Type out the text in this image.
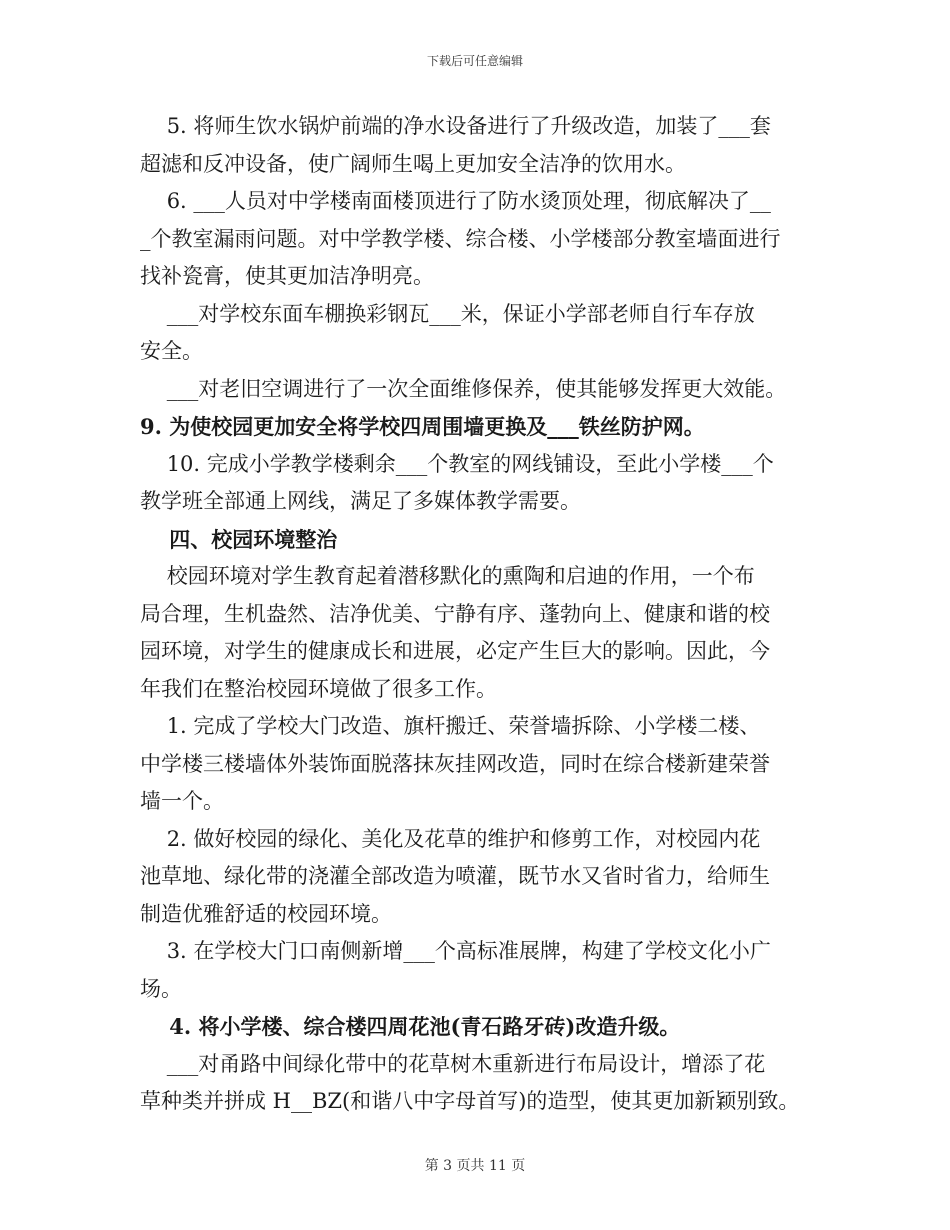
下载后可任意编辑

5. 将师生饮水锅炉前端的净水设备进行了升级改造，加装了___套

超滤和反冲设备，使广阔师生喝上更加安全洁净的饮用水。

6. ___人员对中学楼南面楼顶进行了防水烫顶处理，彻底解决了__

_个教室漏雨问题。对中学教学楼、综合楼、小学楼部分教室墙面进行

找补瓷膏，使其更加洁净明亮。

___对学校东面车棚换彩钢瓦___米，保证小学部老师自行车存放

安全。

___对老旧空调进行了一次全面维修保养，使其能够发挥更大效能。

9. 为使校园更加安全将学校四周围墙更换及___铁丝防护网。

10. 完成小学教学楼剩余___个教室的网线铺设，至此小学楼___个

教学班全部通上网线，满足了多媒体教学需要。

四、校园环境整治

校园环境对学生教育起着潜移默化的熏陶和启迪的作用，一个布

局合理，生机盎然、洁净优美、宁静有序、蓬勃向上、健康和谐的校

园环境，对学生的健康成长和进展，必定产生巨大的影响。因此，今

年我们在整治校园环境做了很多工作。

1. 完成了学校大门改造、旗杆搬迁、荣誉墙拆除、小学楼二楼、

中学楼三楼墙体外装饰面脱落抹灰挂网改造，同时在综合楼新建荣誉

墙一个。

2. 做好校园的绿化、美化及花草的维护和修剪工作，对校园内花

池草地、绿化带的浇灌全部改造为喷灌，既节水又省时省力，给师生

制造优雅舒适的校园环境。

3. 在学校大门口南侧新增___个高标准展牌，构建了学校文化小广

场。

4. 将小学楼、综合楼四周花池(青石路牙砖)改造升级。

___对甬路中间绿化带中的花草树木重新进行布局设计，增添了花

草种类并拼成 H__BZ(和谐八中字母首写)的造型，使其更加新颖别致。

第 3 页共 11 页
